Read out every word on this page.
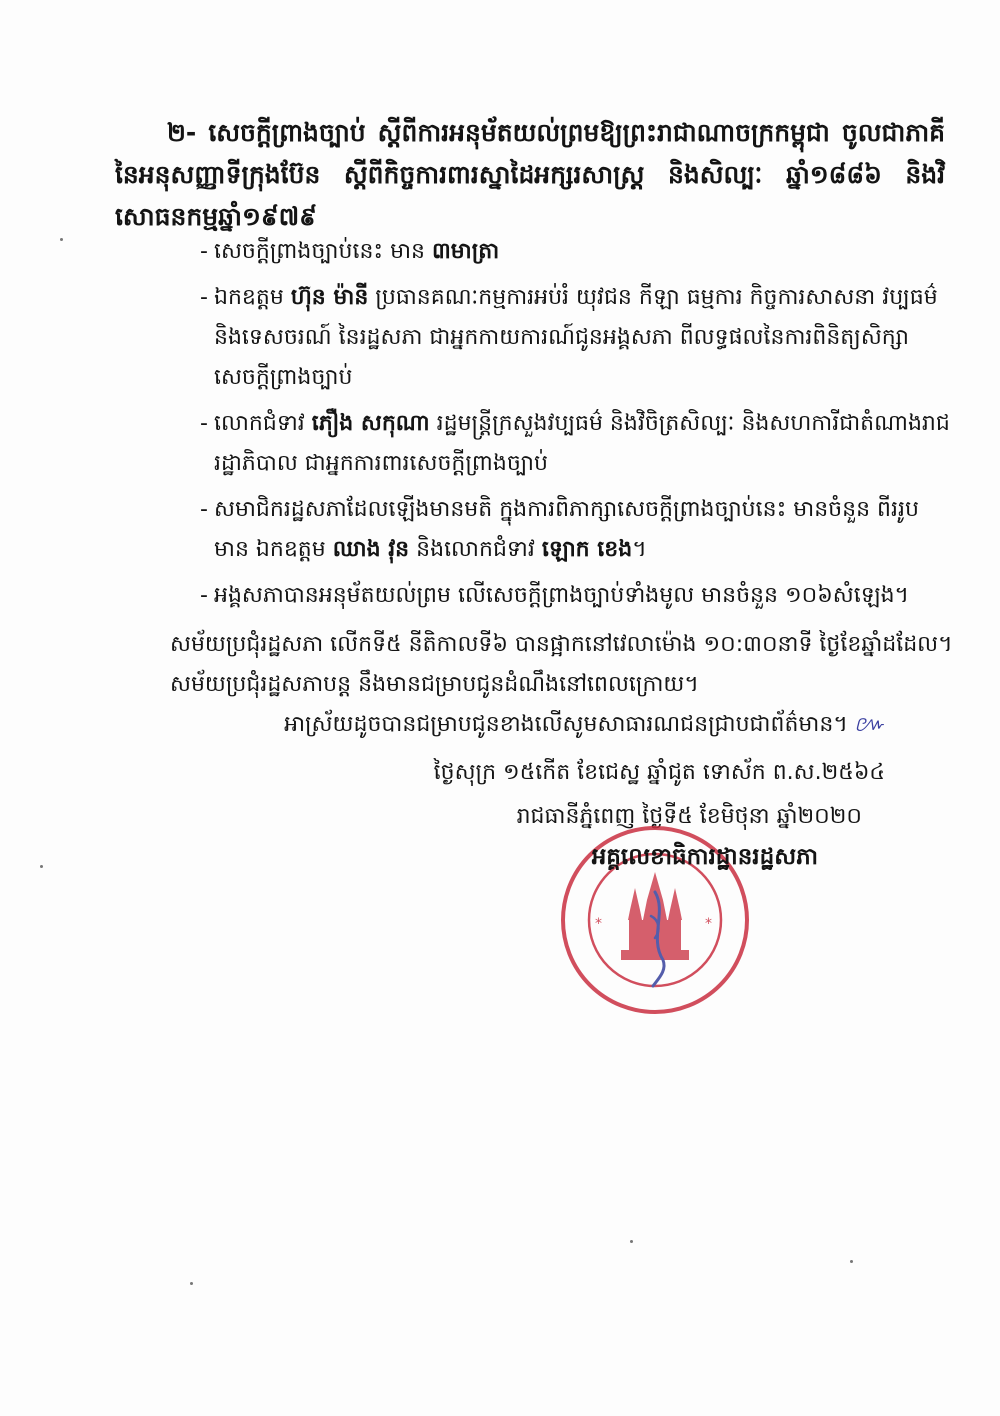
២- សេចក្តីព្រាងច្បាប់ ស្តីពីការអនុម័តយល់ព្រមឱ្យព្រះរាជាណាចក្រកម្ពុជា ចូលជាភាគីនៃអនុសញ្ញាទីក្រុងប៊ែន ស្តីពីកិច្ចការពារស្នាដៃអក្សរសាស្ត្រ និងសិល្បៈ ឆ្នាំ១៨៨៦ និងវិសោធនកម្មឆ្នាំ១៩៧៩
- សេចក្តីព្រាងច្បាប់នេះ មាន ៣មាត្រា
- ឯកឧត្តម ហ៊ុន ម៉ានី ប្រធានគណៈកម្មការអប់រំ យុវជន កីឡា ធម្មការ កិច្ចការសាសនា វប្បធម៌ និងទេសចរណ៍ នៃរដ្ឋសភា ជាអ្នកកាយការណ៍ជូនអង្គសភា ពីលទ្ធផលនៃការពិនិត្យសិក្សាសេចក្តីព្រាងច្បាប់
- លោកជំទាវ ភឿង សកុណា រដ្ឋមន្ត្រីក្រសួងវប្បធម៌ និងវិចិត្រសិល្បៈ និងសហការីជាតំណាងរាជរដ្ឋាភិបាល ជាអ្នកការពារសេចក្តីព្រាងច្បាប់
- សមាជិករដ្ឋសភាដែលឡើងមានមតិ ក្នុងការពិភាក្សាសេចក្តីព្រាងច្បាប់នេះ មានចំនួន ពីររូប មាន ឯកឧត្តម ឈាង វុន និងលោកជំទាវ ឡោក ខេង។
- អង្គសភាបានអនុម័តយល់ព្រម លើសេចក្តីព្រាងច្បាប់ទាំងមូល មានចំនួន ១០៦សំឡេង។
សម័យប្រជុំរដ្ឋសភា លើកទី៥ នីតិកាលទី៦ បានផ្អាកនៅវេលាម៉ោង ១០:៣០នាទី ថ្ងៃខែឆ្នាំដដែល។ សម័យប្រជុំរដ្ឋសភាបន្ត នឹងមានជម្រាបជូនដំណឹងនៅពេលក្រោយ។
អាស្រ័យដូចបានជម្រាបជូនខាងលើសូមសាធារណជនជ្រាបជាព័ត៌មាន។ ៚
ថ្ងៃសុក្រ ១៥កើត ខែជេស្ឋ ឆ្នាំជូត ទោស័ក ព.ស.២៥៦៤
រាជធានីភ្នំពេញ ថ្ងៃទី៥ ខែមិថុនា ឆ្នាំ២០២០
*	*
អគ្គលេខាធិការដ្ឋានរដ្ឋសភា
